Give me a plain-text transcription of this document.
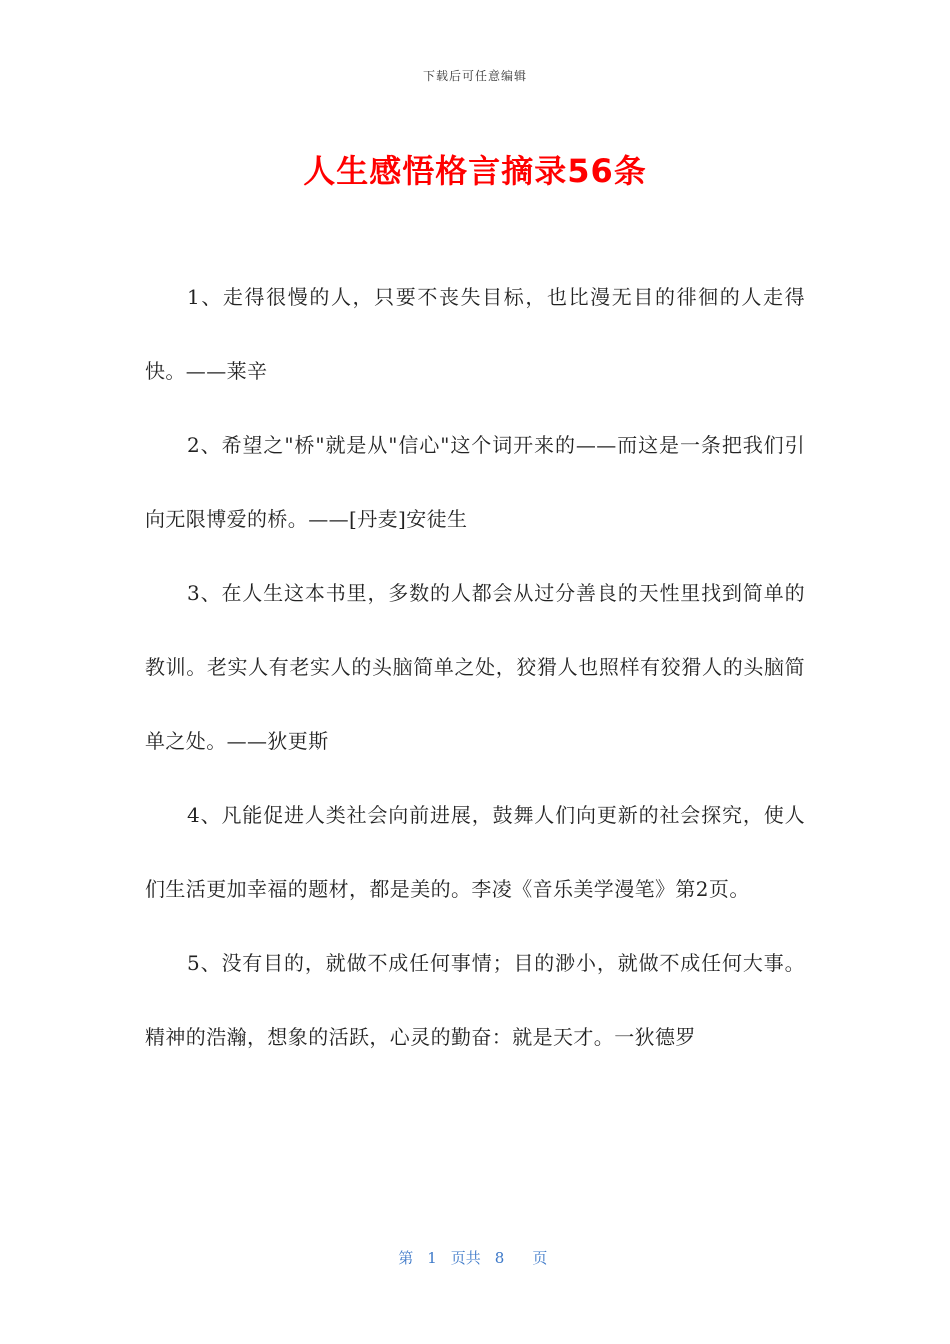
下载后可任意编辑
人生感悟格言摘录56条

1、走得很慢的人，只要不丧失目标，也比漫无目的徘徊的人走得快。——莱辛

2、希望之"桥"就是从"信心"这个词开来的——而这是一条把我们引向无限博爱的桥。——[丹麦]安徒生

3、在人生这本书里，多数的人都会从过分善良的天性里找到简单的教训。老实人有老实人的头脑简单之处，狡猾人也照样有狡猾人的头脑简单之处。——狄更斯

4、凡能促进人类社会向前进展，鼓舞人们向更新的社会探究，使人们生活更加幸福的题材，都是美的。李凌《音乐美学漫笔》第2页。

5、没有目的，就做不成任何事情；目的渺小，就做不成任何大事。精神的浩瀚，想象的活跃，心灵的勤奋：就是天才。一狄德罗

第 1 页共 8 页
